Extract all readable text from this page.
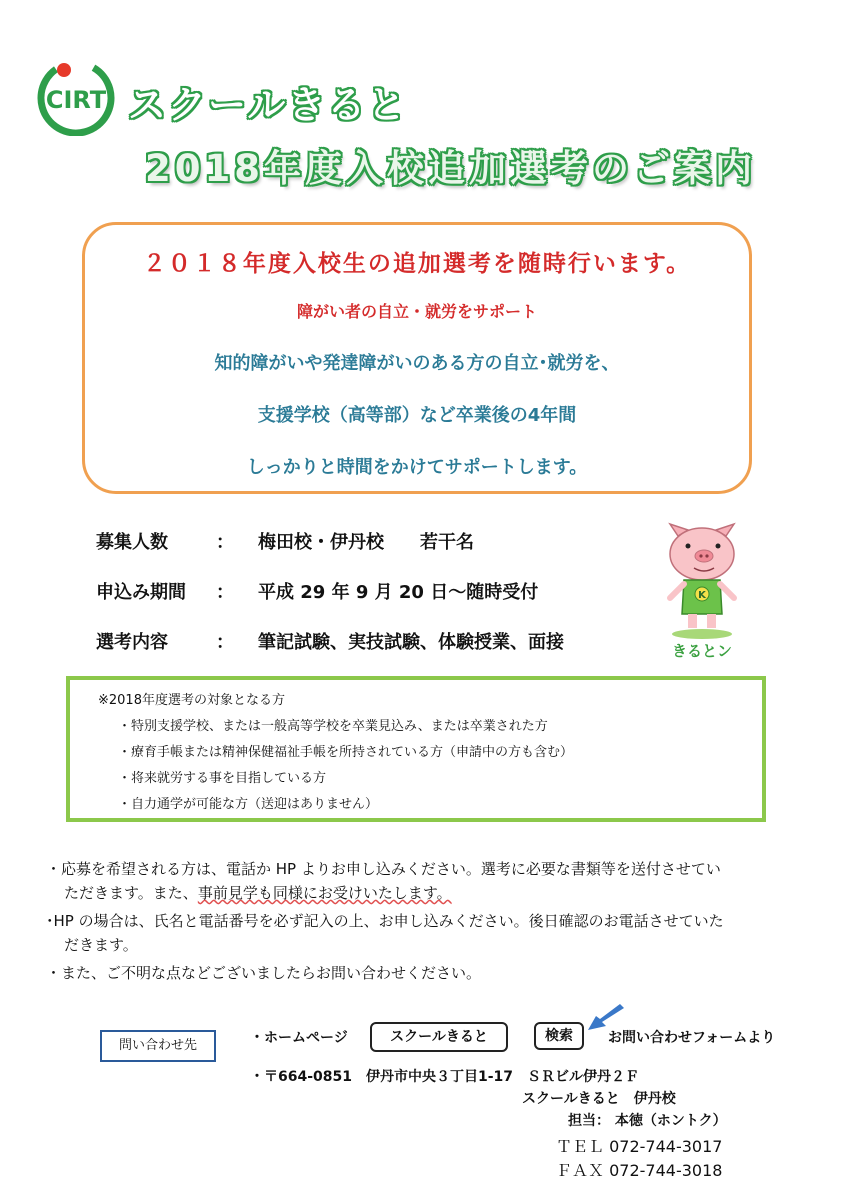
CIRT スクールきると
2018年度入校追加選考のご案内
２０１８年度入校生の追加選考を随時行います。
障がい者の自立・就労をサポート
知的障がいや発達障がいのある方の自立･就労を、
支援学校（高等部）など卒業後の4年間
しっかりと時間をかけてサポートします。
募集人数	： 梅田校・伊丹校　　若干名
申込み期間 ： 平成 29 年 9 月 20 日～随時受付
選考内容	： 筆記試験、実技試験、体験授業、面接
K
きるとン
※2018年度選考の対象となる方
・特別支援学校、または一般高等学校を卒業見込み、または卒業された方
・療育手帳または精神保健福祉手帳を所持されている方（申請中の方も含む）
・将来就労する事を目指している方
・自力通学が可能な方（送迎はありません）
・応募を希望される方は、電話か HP よりお申し込みください。選考に必要な書類等を送付させてい
ただきます。また、事前見学も同様にお受けいたします。
･HP の場合は、氏名と電話番号を必ず記入の上、お申し込みください。後日確認のお電話させていた
だきます。
・また、ご不明な点などございましたらお問い合わせください。
問い合わせ先	・ホームページ	スクールきると	検索	お問い合わせフォームより
・〒664-0851　伊丹市中央３丁目1-17　ＳＲビル伊丹２Ｆ
スクールきると　伊丹校
担当： 本徳（ホントク）
ＴＥＬ 072-744-3017
ＦＡＸ 072-744-3018
